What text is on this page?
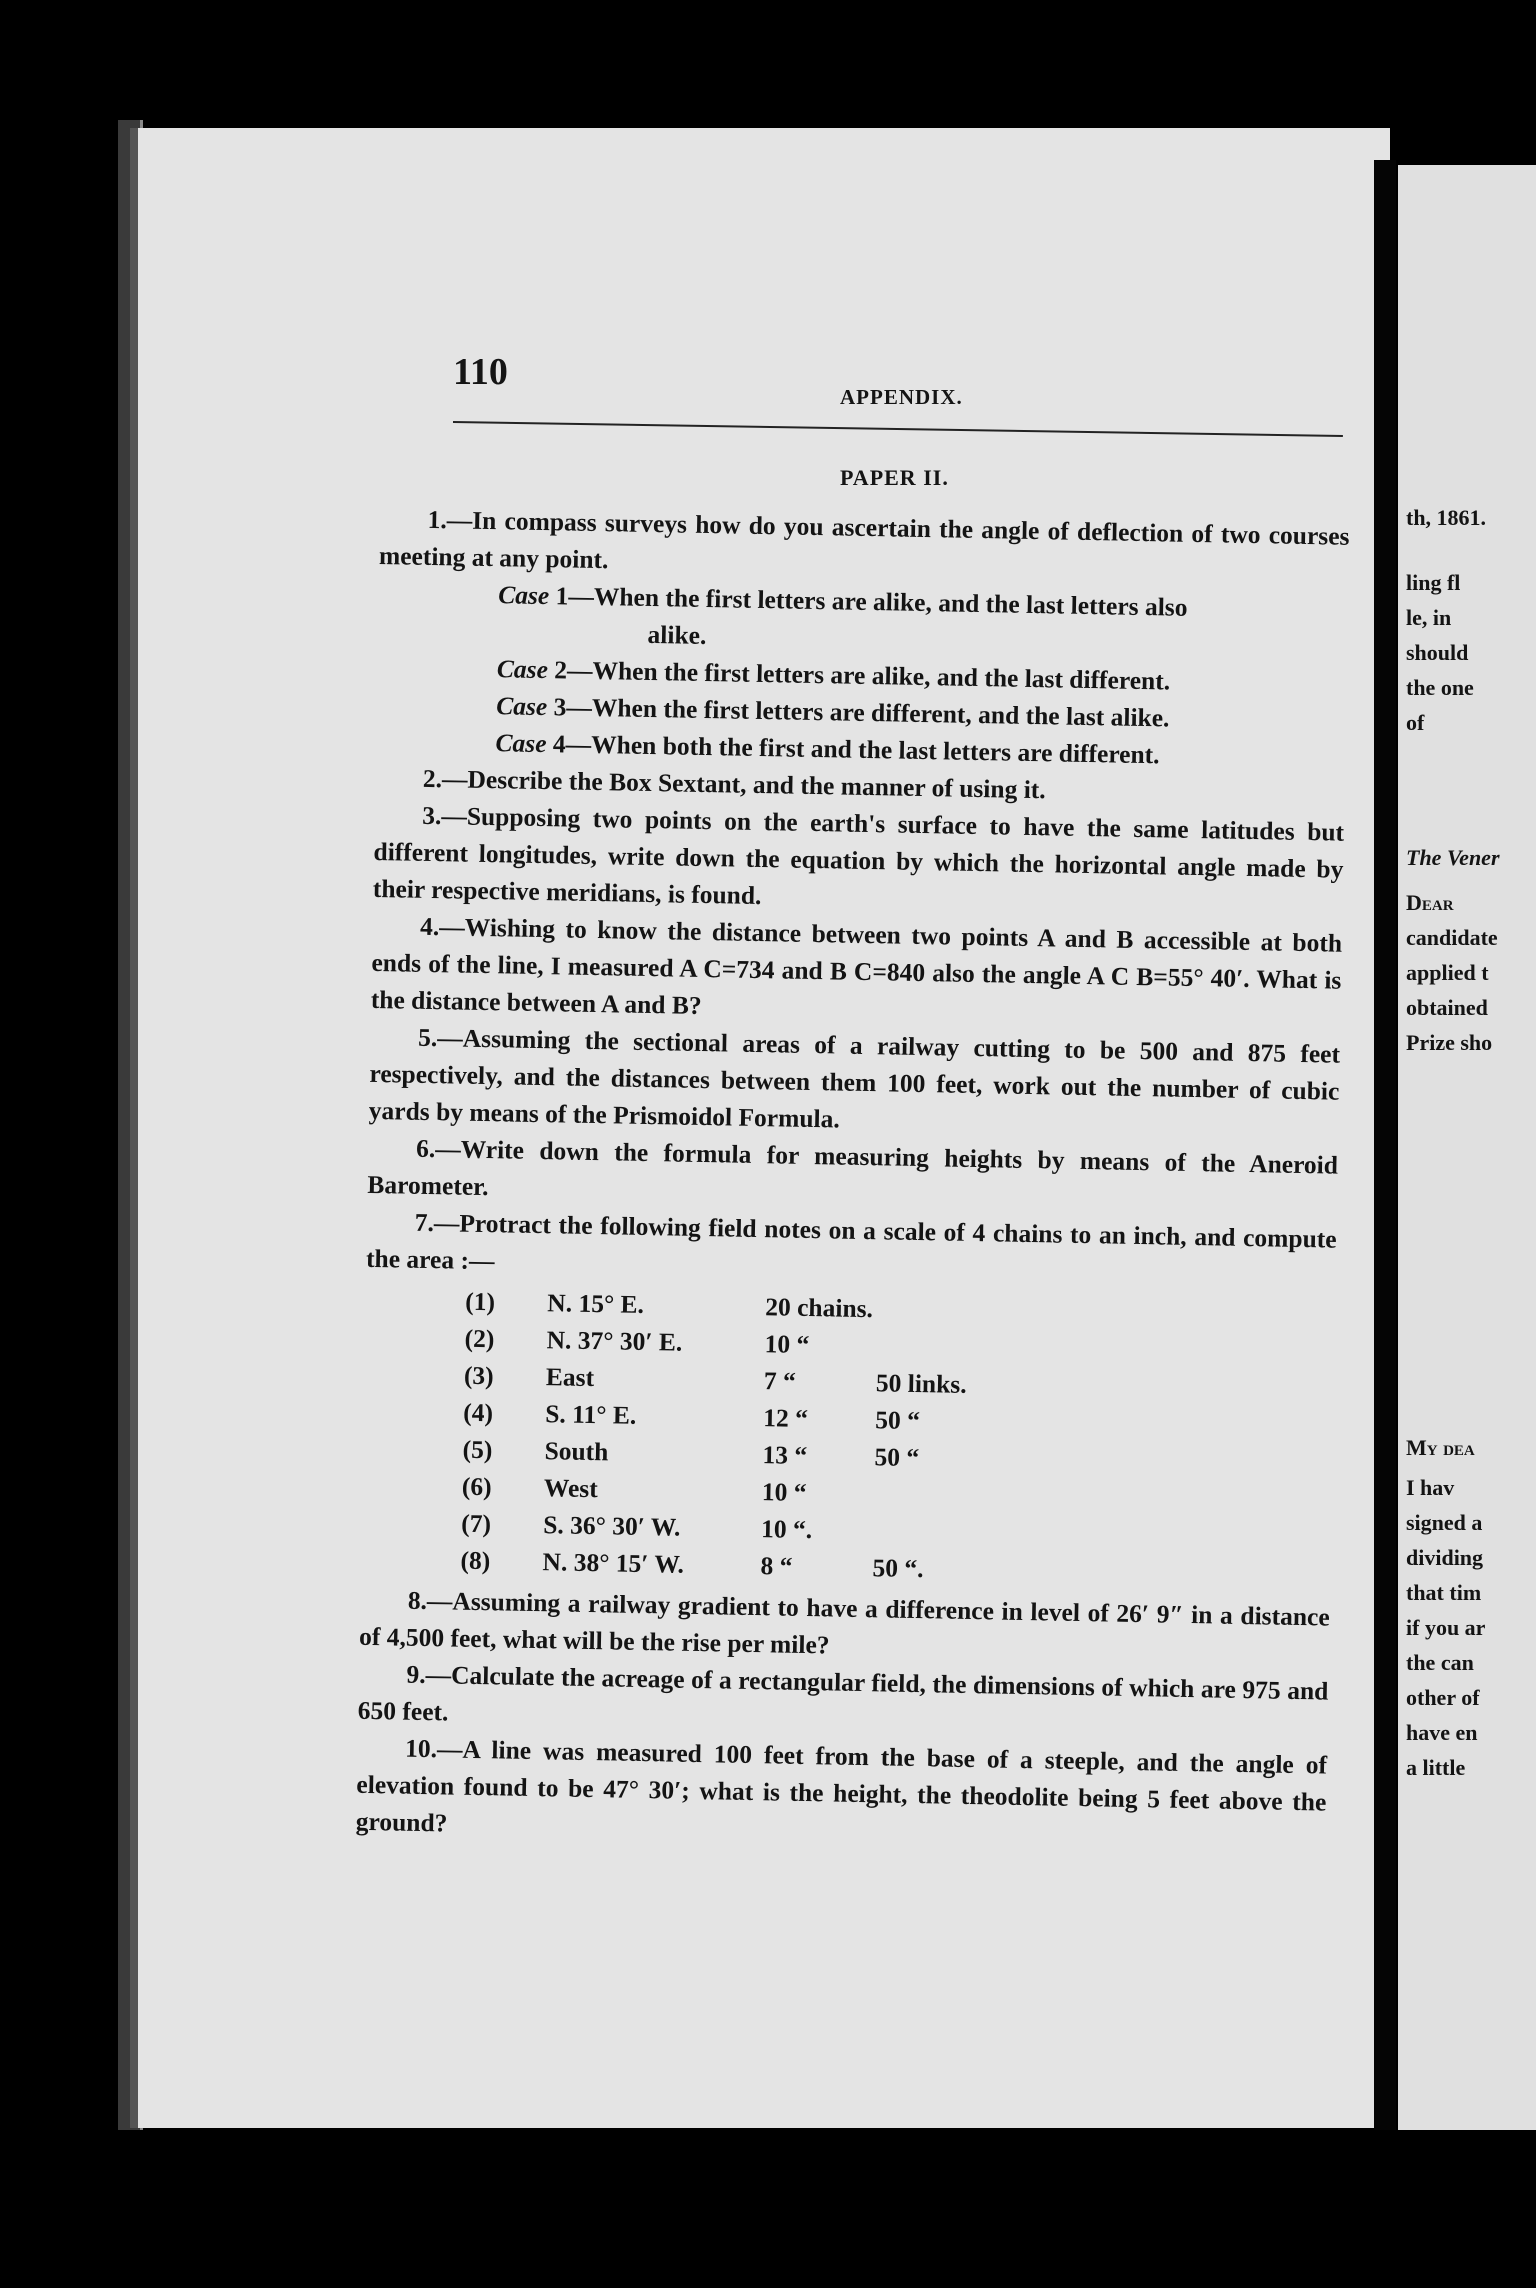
110
APPENDIX.
PAPER II.

1.—In compass surveys how do you ascertain the angle of deflection of two courses meeting at any point.

Case 1—When the first letters are alike, and the last letters also
alike.

Case 2—When the first letters are alike, and the last different.

Case 3—When the first letters are different, and the last alike.

Case 4—When both the first and the last letters are different.

2.—Describe the Box Sextant, and the manner of using it.

3.—Supposing two points on the earth's surface to have the same latitudes but different longitudes, write down the equation by which the horizontal angle made by their respective meridians, is found.

4.—Wishing to know the distance between two points A and B accessible at both ends of the line, I measured A C=734 and B C=840 also the angle A C B=55° 40′. What is the distance between A and B?

5.—Assuming the sectional areas of a railway cutting to be 500 and 875 feet respectively, and the distances between them 100 feet, work out the number of cubic yards by means of the Prismoidol Formula.

6.—Write down the formula for measuring heights by means of the Aneroid Barometer.

7.—Protract the following field notes on a scale of 4 chains to an inch, and compute the area :—

(1)	N. 15° E.	20 chains.
(2)	N. 37° 30′ E.	10 “
(3)	East	7 “	50 links.
(4)	S. 11° E.	12 “	50 “
(5)	South	13 “	50 “
(6)	West	10 “
(7)	S. 36° 30′ W.	10 “.
(8)	N. 38° 15′ W.	8 “	50 “.

8.—Assuming a railway gradient to have a difference in level of 26′ 9″ in a distance of 4,500 feet, what will be the rise per mile?

9.—Calculate the acreage of a rectangular field, the dimensions of which are 975 and 650 feet.

10.—A line was measured 100 feet from the base of a steeple, and the angle of elevation found to be 47° 30′; what is the height, the theodolite being 5 feet above the ground?

th, 1861.
ling fl
le, in
should
the one
of
The Vener
Dear
candidate
applied t
obtained
Prize sho
My dea
I hav
signed a
dividing
that tim
if you ar
the can
other of
have en
a little
